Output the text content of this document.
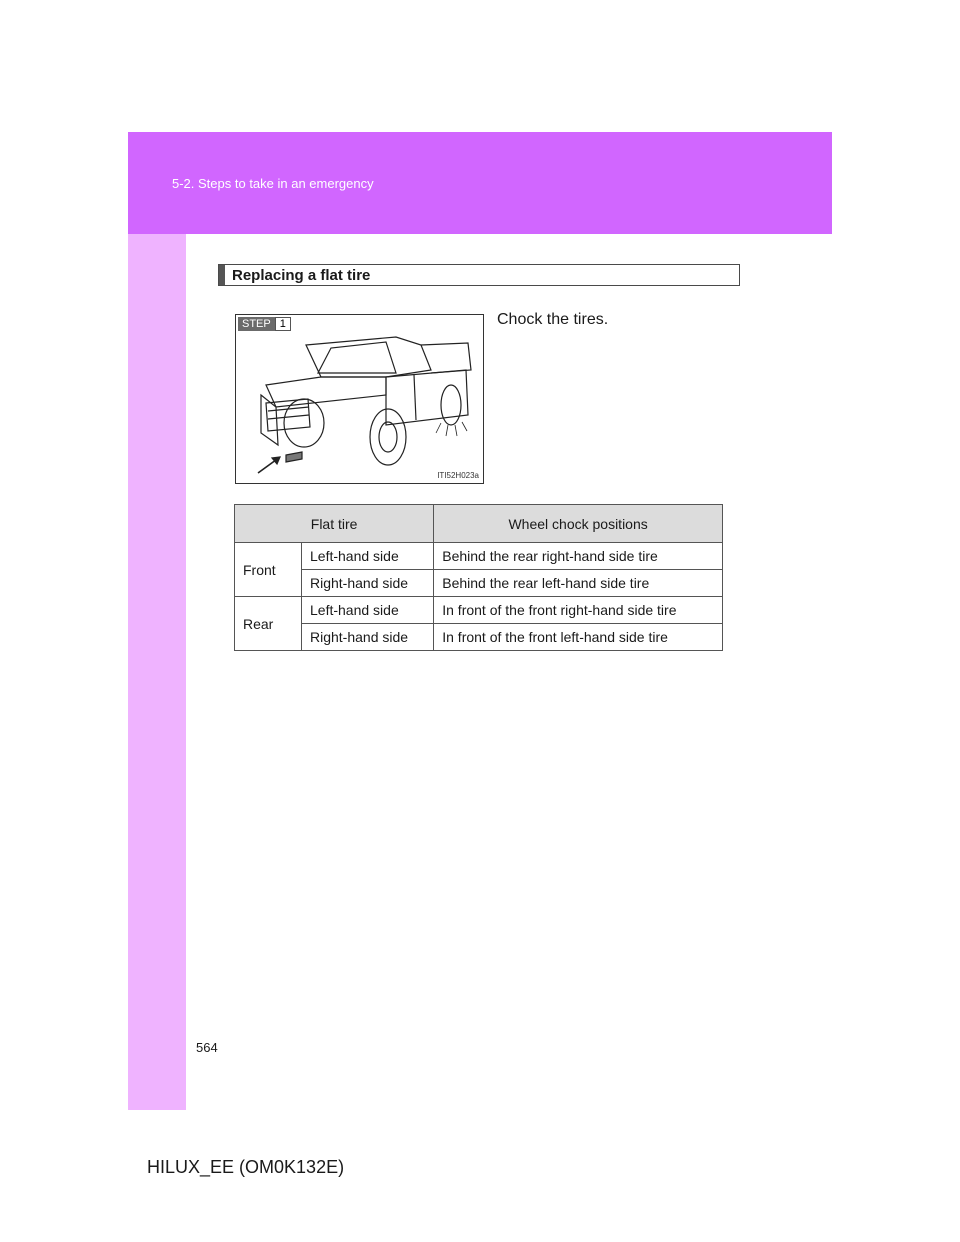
5-2. Steps to take in an emergency
Replacing a flat tire
STEP 1
ITI52H023a
Chock the tires.
Flat tire		Wheel chock positions
Front	Left-hand side	Behind the rear right-hand side tire
	Right-hand side	Behind the rear left-hand side tire
Rear	Left-hand side	In front of the front right-hand side tire
	Right-hand side	In front of the front left-hand side tire
564
HILUX_EE (OM0K132E)
